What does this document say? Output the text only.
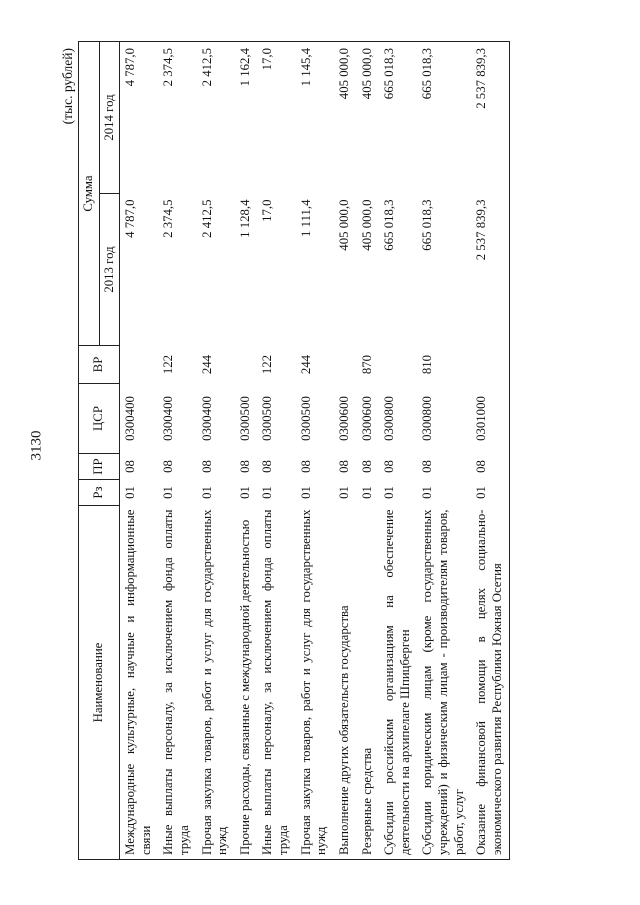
3130
(тыс. рублей)
Наименование	Рз	ПР	ЦСР	ВР	Сумма	
					2013 год	2014 год
Международные культурные, научные и информационные связи	01	08	0300400		4 787,0	4 787,0
Иные выплаты персоналу, за исключением фонда оплаты труда	01	08	0300400	122	2 374,5	2 374,5
Прочая закупка товаров, работ и услуг для государственных нужд	01	08	0300400	244	2 412,5	2 412,5
Прочие расходы, связанные с международной деятельностью	01	08	0300500		1 128,4	1 162,4
Иные выплаты персоналу, за исключением фонда оплаты труда	01	08	0300500	122	17,0	17,0
Прочая закупка товаров, работ и услуг для государственных нужд	01	08	0300500	244	1 111,4	1 145,4
Выполнение других обязательств государства	01	08	0300600		405 000,0	405 000,0
Резервные средства	01	08	0300600	870	405 000,0	405 000,0
Субсидии российским организациям на обеспечение деятельности на архипелаге Шпицберген	01	08	0300800		665 018,3	665 018,3
Субсидии юридическим лицам (кроме государственных учреждений) и физическим лицам - производителям товаров, работ, услуг	01	08	0300800	810	665 018,3	665 018,3
Оказание финансовой помощи в целях социально-экономического развития Республики Южная Осетия	01	08	0301000		2 537 839,3	2 537 839,3
